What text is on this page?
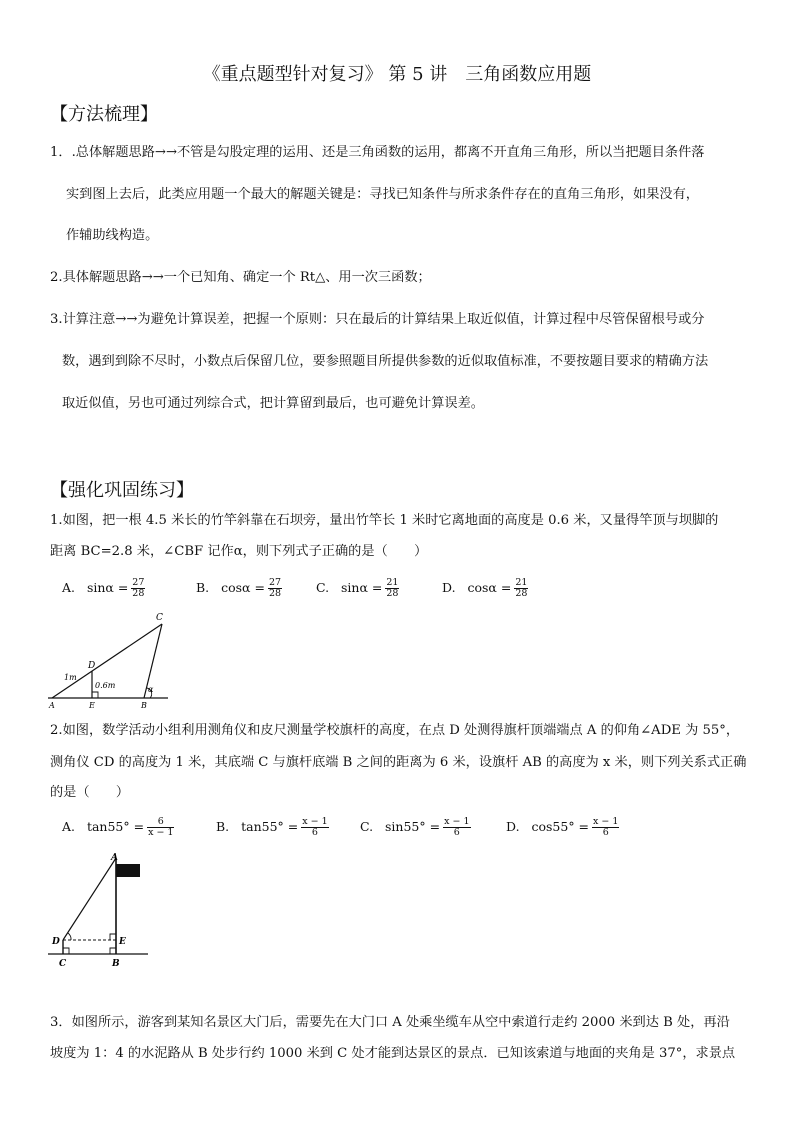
《重点题型针对复习》 第 5 讲　三角函数应用题
【方法梳理】
1．.总体解题思路→→不管是勾股定理的运用、还是三角函数的运用，都离不开直角三角形，所以当把题目条件落
实到图上去后，此类应用题一个最大的解题关键是：寻找已知条件与所求条件存在的直角三角形，如果没有，
作辅助线构造。
2.具体解题思路→→一个已知角、确定一个 Rt△、用一次三函数；
3.计算注意→→为避免计算误差，把握一个原则：只在最后的计算结果上取近似值，计算过程中尽管保留根号或分
数，遇到到除不尽时，小数点后保留几位，要参照题目所提供参数的近似取值标准，不要按题目要求的精确方法
取近似值，另也可通过列综合式，把计算留到最后，也可避免计算误差。
【强化巩固练习】
1.如图，把一根 4.5 米长的竹竿斜靠在石坝旁，量出竹竿长 1 米时它离地面的高度是 0.6 米，又量得竿顶与坝脚的
距离 BC=2.8 米，∠CBF 记作α，则下列式子正确的是（　　）
A. $\sin\alpha = \frac{27}{28}$	B. $\cos\alpha = \frac{27}{28}$	C. $\sin\alpha = \frac{21}{28}$	D. $\cos\alpha = \frac{21}{28}$
C
D
1m
0.6m	α
A	E	B
2.如图，数学活动小组利用测角仪和皮尺测量学校旗杆的高度，在点 D 处测得旗杆顶端端点 A 的仰角∠ADE 为 55°，
测角仪 CD 的高度为 1 米，其底端 C 与旗杆底端 B 之间的距离为 6 米，设旗杆 AB 的高度为 x 米，则下列关系式正确
的是（　　）
A. $\tan 55^\circ = \frac{6}{x - 1}$	B. $\tan 55^\circ = \frac{x - 1}{6}$	C. $\sin 55^\circ = \frac{x - 1}{6}$	D. $\cos 55^\circ = \frac{x - 1}{6}$
A
D	E
C	B
3．如图所示，游客到某知名景区大门后，需要先在大门口 A 处乘坐缆车从空中索道行走约 2000 米到达 B 处，再沿
坡度为 1：4 的水泥路从 B 处步行约 1000 米到 C 处才能到达景区的景点．已知该索道与地面的夹角是 37°，求景点
